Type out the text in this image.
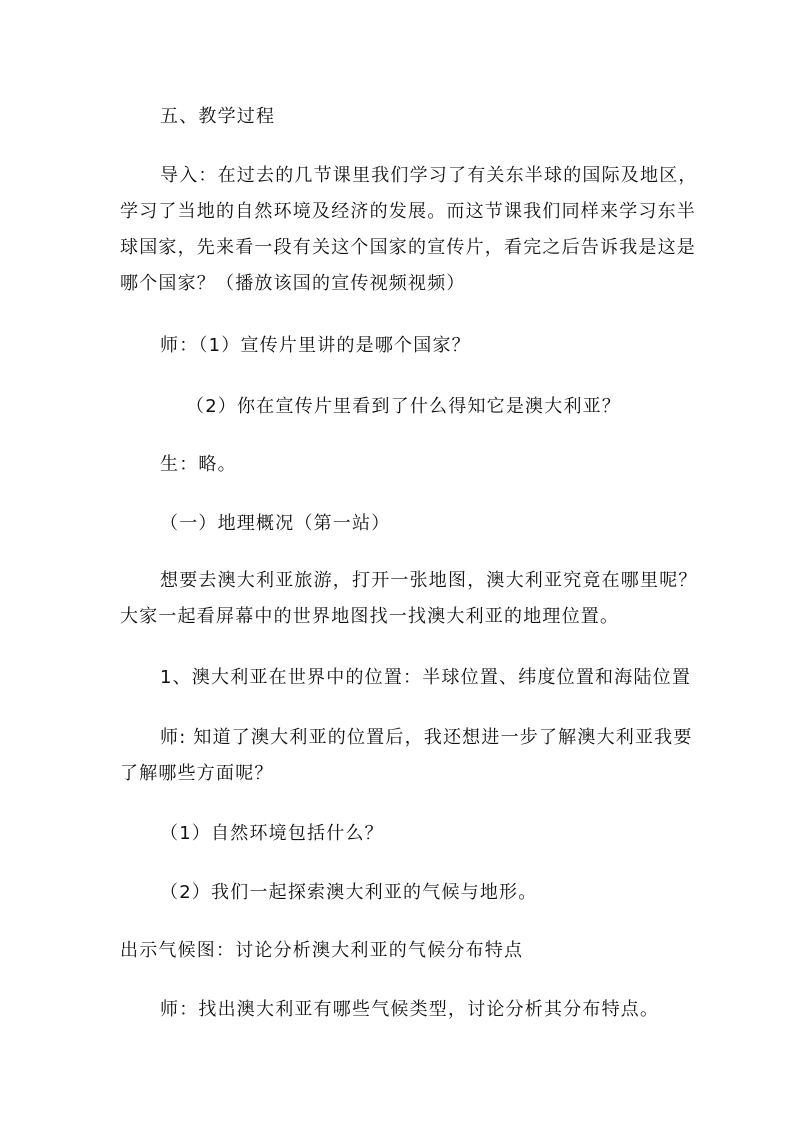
五、教学过程
导入：在过去的几节课里我们学习了有关东半球的国际及地区，
学习了当地的自然环境及经济的发展。而这节课我们同样来学习东半
球国家，先来看一段有关这个国家的宣传片，看完之后告诉我是这是
哪个国家？（播放该国的宣传视频视频）
师：（1）宣传片里讲的是哪个国家？
（2）你在宣传片里看到了什么得知它是澳大利亚？
生：略。
（一）地理概况（第一站）
想要去澳大利亚旅游，打开一张地图，澳大利亚究竟在哪里呢？
大家一起看屏幕中的世界地图找一找澳大利亚的地理位置。
1、澳大利亚在世界中的位置：半球位置、纬度位置和海陆位置
师: 知道了澳大利亚的位置后，我还想进一步了解澳大利亚我要
了解哪些方面呢？
（1）自然环境包括什么？
（2）我们一起探索澳大利亚的气候与地形。
出示气候图：讨论分析澳大利亚的气候分布特点
师：找出澳大利亚有哪些气候类型，讨论分析其分布特点。
